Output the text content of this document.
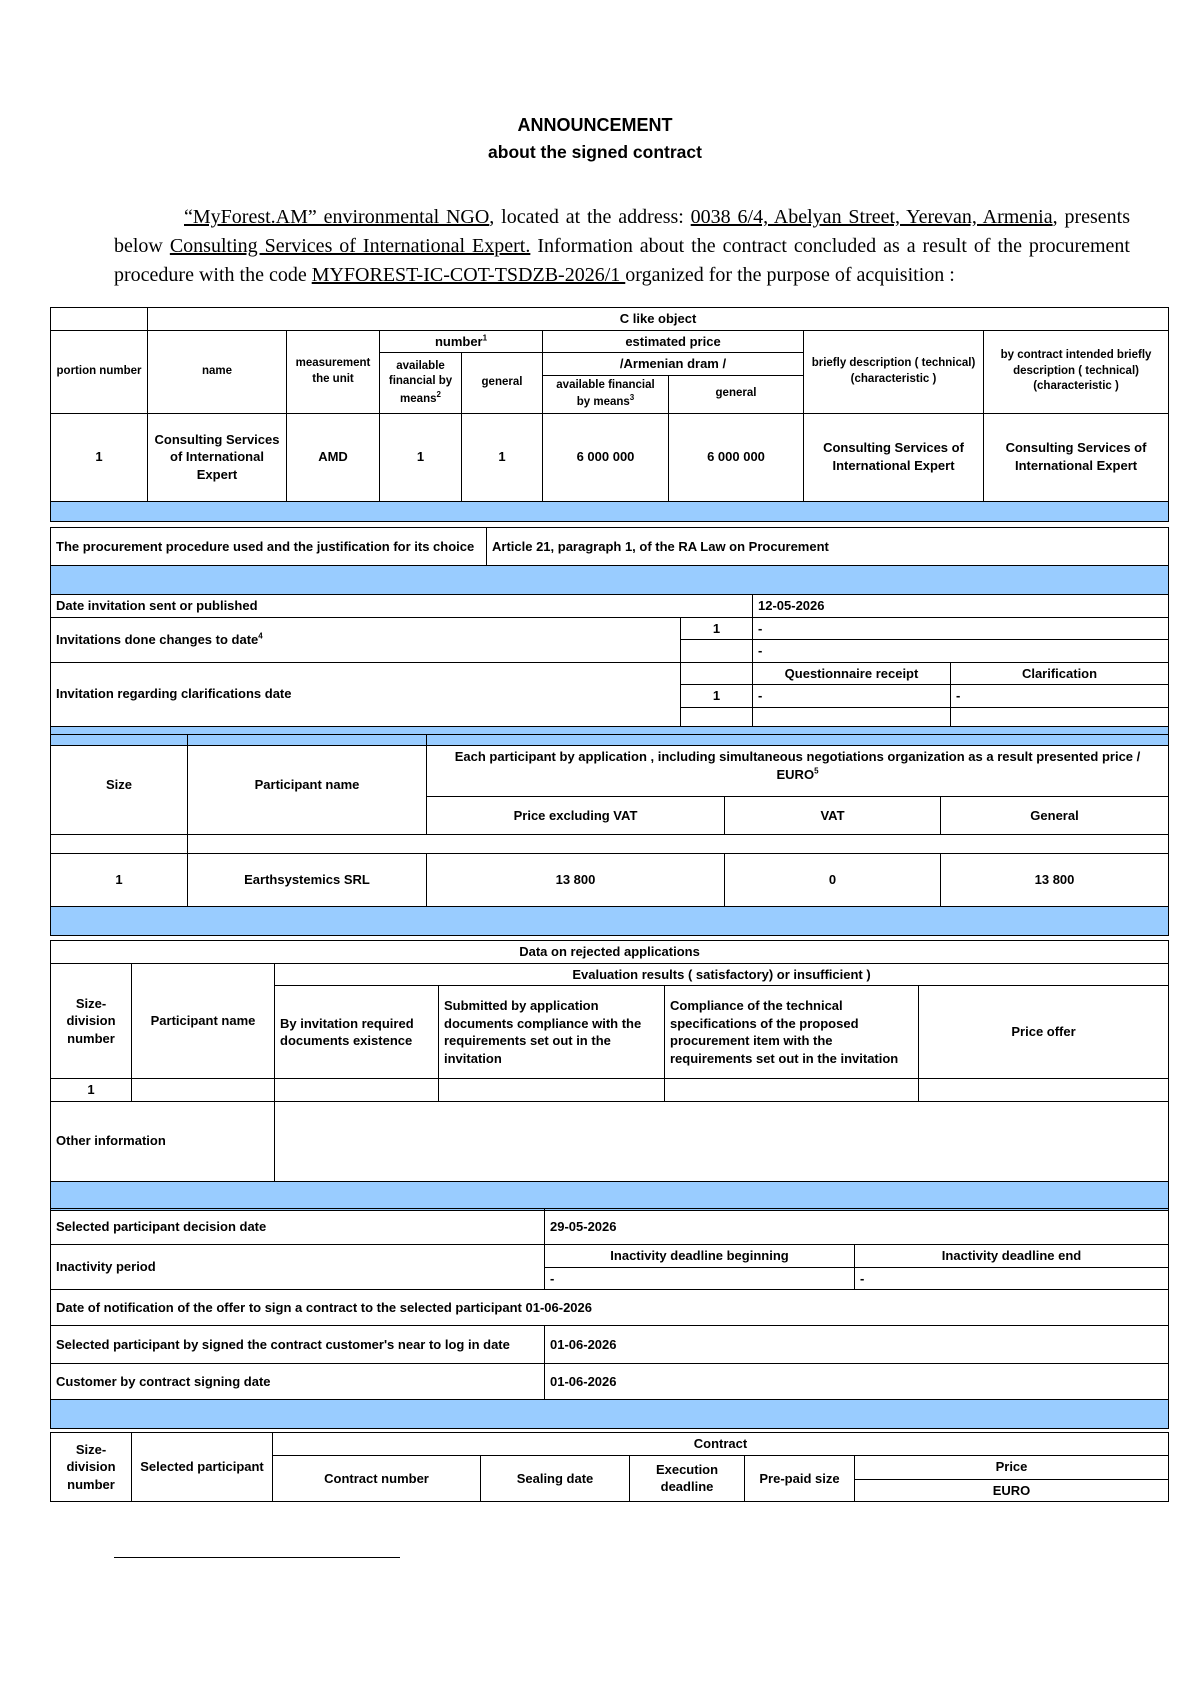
ANNOUNCEMENT
about the signed contract
“MyForest.AM” environmental NGO, located at the address: 0038 6/4, Abelyan Street, Yerevan, Armenia, presents below Consulting Services of International Expert. Information about the contract concluded as a result of the procurement procedure with the code MYFOREST-IC-COT-TSDZB-2026/1 organized for the purpose of acquisition :
	C like object							
portion number	name	measurement the unit	number$^1$		estimated price		briefly description ( technical) (characteristic )	by contract intended briefly description ( technical) (characteristic )
			available financial by means$^2$	general	/Armenian dram /			
					available financial by means$^3$	general		
1	Consulting Services of International Expert	AMD	1	1	6 000 000	6 000 000	Consulting Services of International Expert	Consulting Services of International Expert

The procurement procedure used and the justification for its choice	Article 21, paragraph 1, of the RA Law on Procurement

Date invitation sent or published		12-05-2026	
Invitations done changes to date$^4$	1	-	
		-	
Invitation regarding clarifications date		Questionnaire receipt	Clarification
	1	-	-

Size	Participant name	Each participant by application , including simultaneous negotiations organization as a result presented price / EURO$^5$
		Price excluding VAT	VAT	General

1	Earthsystemics SRL	13 800	0	13 800

Data on rejected applications					
Size-division number	Participant name	Evaluation results ( satisfactory) or insufficient )			
		By invitation required documents existence	Submitted by application documents compliance with the requirements set out in the invitation	Compliance of the technical specifications of the proposed procurement item with the requirements set out in the invitation	Price offer
1					
Other information					

Selected participant decision date	29-05-2026	
Inactivity period	Inactivity deadline beginning	Inactivity deadline end
	-	-
Date of notification of the offer to sign a contract to the selected participant 01-06-2026		
Selected participant by signed the contract customer's near to log in date	01-06-2026	
Customer by contract signing date	01-06-2026	

Size-division number	Selected participant	Contract				
		Contract number	Sealing date	Execution deadline	Pre-paid size	Price
						EURO
